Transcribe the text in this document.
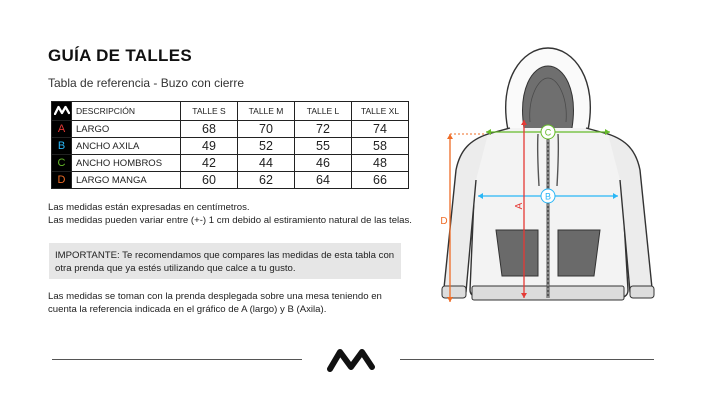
GUÍA DE TALLES
Tabla de referencia - Buzo con cierre
	DESCRIPCIÓN	TALLE S	TALLE M	TALLE L	TALLE XL
A	LARGO	68	70	72	74
B	ANCHO AXILA	49	52	55	58
C	ANCHO HOMBROS	42	44	46	48
D	LARGO MANGA	60	62	64	66

Las medidas están expresadas en centímetros.

Las medidas pueden variar entre (+-) 1 cm debido al estiramiento natural de las telas.

IMPORTANTE: Te recomendamos que compares las medidas de esta tabla con otra prenda que ya estés utilizando que calce a tu gusto.
Las medidas se toman con la prenda desplegada sobre una mesa teniendo en cuenta la referencia indicada en el gráfico de A (largo) y B (Axila).
C
B
A
D
